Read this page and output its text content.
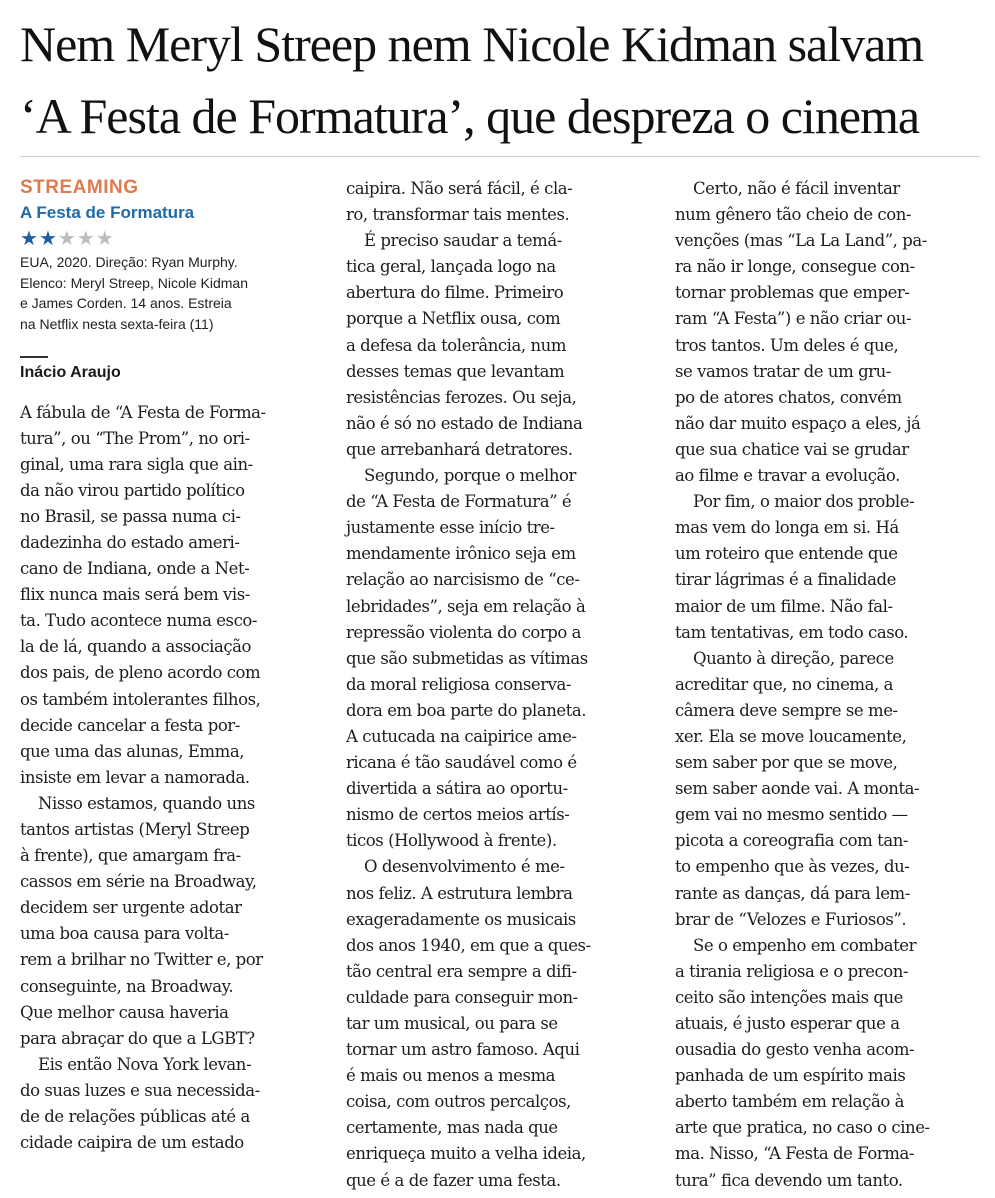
Nem Meryl Streep nem Nicole Kidman salvam
‘A Festa de Formatura’, que despreza o cinema
STREAMING
A Festa de Formatura
★★★★★
EUA, 2020. Direção: Ryan Murphy.
Elenco: Meryl Streep, Nicole Kidman
e James Corden. 14 anos. Estreia
na Netflix nesta sexta-feira (11)
Inácio Araujo
A fábula de “A Festa de Forma-
tura”, ou “The Prom”, no ori-
ginal, uma rara sigla que ain-
da não virou partido político
no Brasil, se passa numa ci-
dadezinha do estado ameri-
cano de Indiana, onde a Net-
flix nunca mais será bem vis-
ta. Tudo acontece numa esco-
la de lá, quando a associação
dos pais, de pleno acordo com
os também intolerantes filhos,
decide cancelar a festa por-
que uma das alunas, Emma,
insiste em levar a namorada.
Nisso estamos, quando uns
tantos artistas (Meryl Streep
à frente), que amargam fra-
cassos em série na Broadway,
decidem ser urgente adotar
uma boa causa para volta-
rem a brilhar no Twitter e, por
conseguinte, na Broadway.
Que melhor causa haveria
para abraçar do que a LGBT?
Eis então Nova York levan-
do suas luzes e sua necessida-
de de relações públicas até a
cidade caipira de um estado
caipira. Não será fácil, é cla-
ro, transformar tais mentes.
É preciso saudar a temá-
tica geral, lançada logo na
abertura do filme. Primeiro
porque a Netflix ousa, com
a defesa da tolerância, num
desses temas que levantam
resistências ferozes. Ou seja,
não é só no estado de Indiana
que arrebanhará detratores.
Segundo, porque o melhor
de “A Festa de Formatura” é
justamente esse início tre-
mendamente irônico seja em
relação ao narcisismo de “ce-
lebridades”, seja em relação à
repressão violenta do corpo a
que são submetidas as vítimas
da moral religiosa conserva-
dora em boa parte do planeta.
A cutucada na caipirice ame-
ricana é tão saudável como é
divertida a sátira ao oportu-
nismo de certos meios artís-
ticos (Hollywood à frente).
O desenvolvimento é me-
nos feliz. A estrutura lembra
exageradamente os musicais
dos anos 1940, em que a ques-
tão central era sempre a difi-
culdade para conseguir mon-
tar um musical, ou para se
tornar um astro famoso. Aqui
é mais ou menos a mesma
coisa, com outros percalços,
certamente, mas nada que
enriqueça muito a velha ideia,
que é a de fazer uma festa.
Certo, não é fácil inventar
num gênero tão cheio de con-
venções (mas “La La Land”, pa-
ra não ir longe, consegue con-
tornar problemas que emper-
ram “A Festa”) e não criar ou-
tros tantos. Um deles é que,
se vamos tratar de um gru-
po de atores chatos, convém
não dar muito espaço a eles, já
que sua chatice vai se grudar
ao filme e travar a evolução.
Por fim, o maior dos proble-
mas vem do longa em si. Há
um roteiro que entende que
tirar lágrimas é a finalidade
maior de um filme. Não fal-
tam tentativas, em todo caso.
Quanto à direção, parece
acreditar que, no cinema, a
câmera deve sempre se me-
xer. Ela se move loucamente,
sem saber por que se move,
sem saber aonde vai. A monta-
gem vai no mesmo sentido —
picota a coreografia com tan-
to empenho que às vezes, du-
rante as danças, dá para lem-
brar de “Velozes e Furiosos”.
Se o empenho em combater
a tirania religiosa e o precon-
ceito são intenções mais que
atuais, é justo esperar que a
ousadia do gesto venha acom-
panhada de um espírito mais
aberto também em relação à
arte que pratica, no caso o cine-
ma. Nisso, “A Festa de Forma-
tura” fica devendo um tanto.
